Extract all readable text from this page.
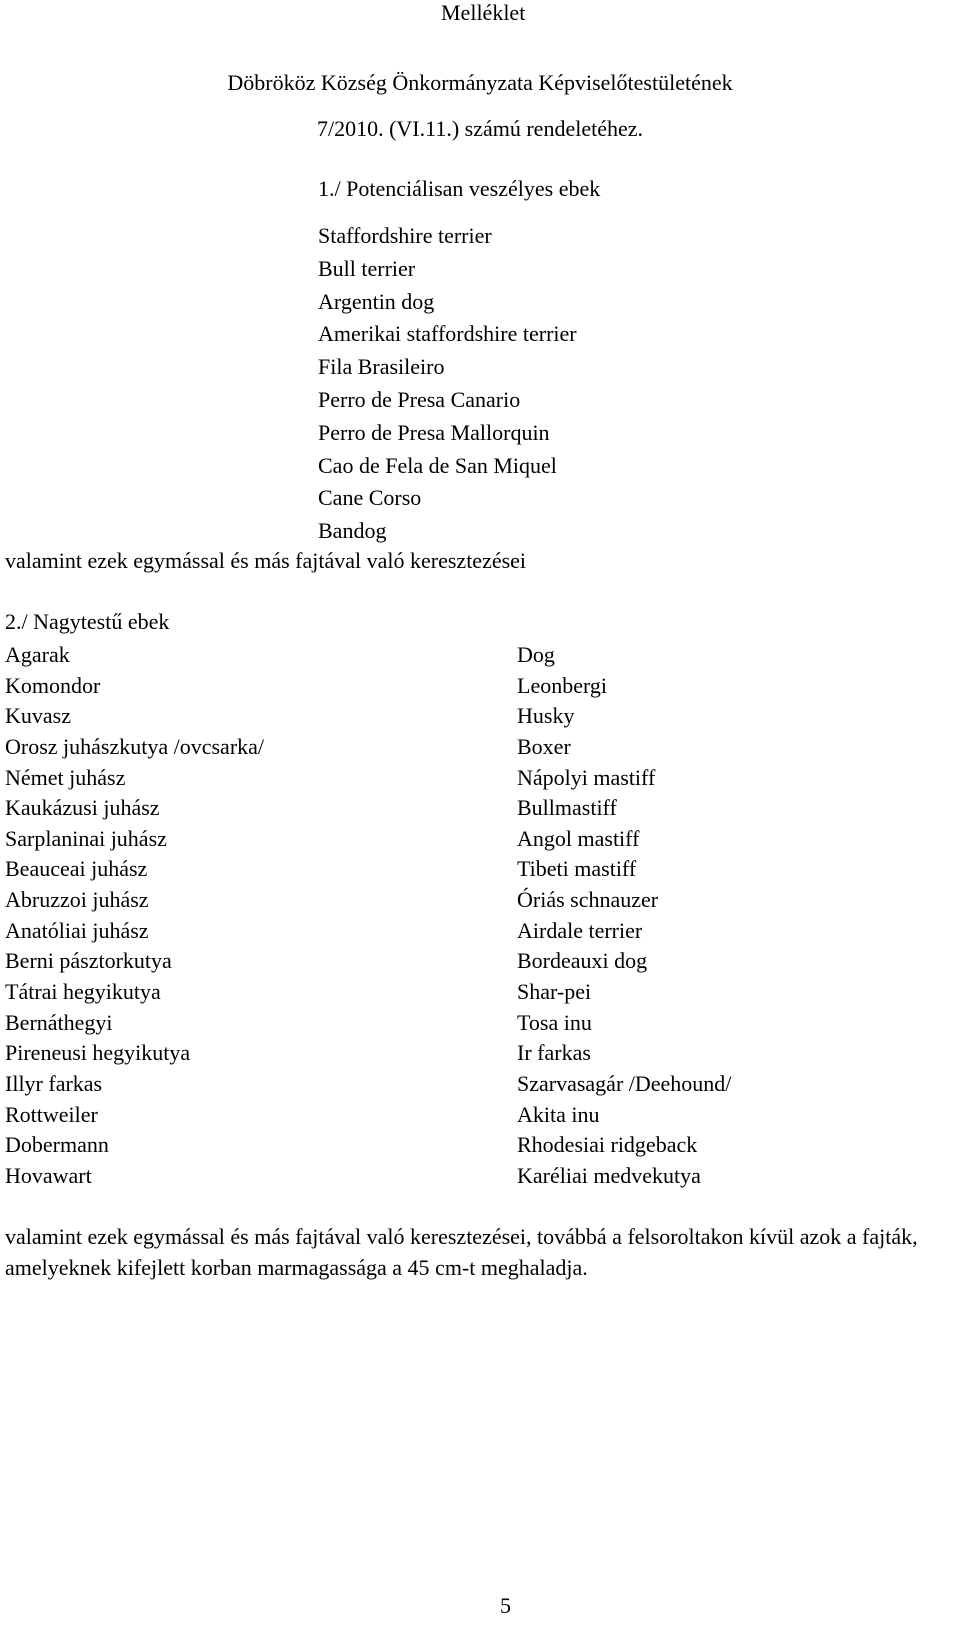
Melléklet
Döbrököz Község Önkormányzata Képviselőtestületének
7/2010. (VI.11.) számú rendeletéhez.
1./ Potenciálisan veszélyes ebek
Staffordshire terrier
Bull terrier
Argentin dog
Amerikai staffordshire terrier
Fila Brasileiro
Perro de Presa Canario
Perro de Presa Mallorquin
Cao de Fela de San Miquel
Cane Corso
Bandog
valamint ezek egymással és más fajtával való keresztezései
2./ Nagytestű ebek
Agarak
Komondor
Kuvasz
Orosz juhászkutya /ovcsarka/
Német juhász
Kaukázusi juhász
Sarplaninai juhász
Beauceai juhász
Abruzzoi juhász
Anatóliai juhász
Berni pásztorkutya
Tátrai hegyikutya
Bernáthegyi
Pireneusi hegyikutya
Illyr farkas
Rottweiler
Dobermann
Hovawart
Dog
Leonbergi
Husky
Boxer
Nápolyi mastiff
Bullmastiff
Angol mastiff
Tibeti mastiff
Óriás schnauzer
Airdale terrier
Bordeauxi dog
Shar-pei
Tosa inu
Ir farkas
Szarvasagár /Deehound/
Akita inu
Rhodesiai ridgeback
Karéliai medvekutya
valamint ezek egymással és más fajtával való keresztezései, továbbá a felsoroltakon kívül azok a fajták, amelyeknek kifejlett korban marmagassága a 45 cm-t meghaladja.
5
